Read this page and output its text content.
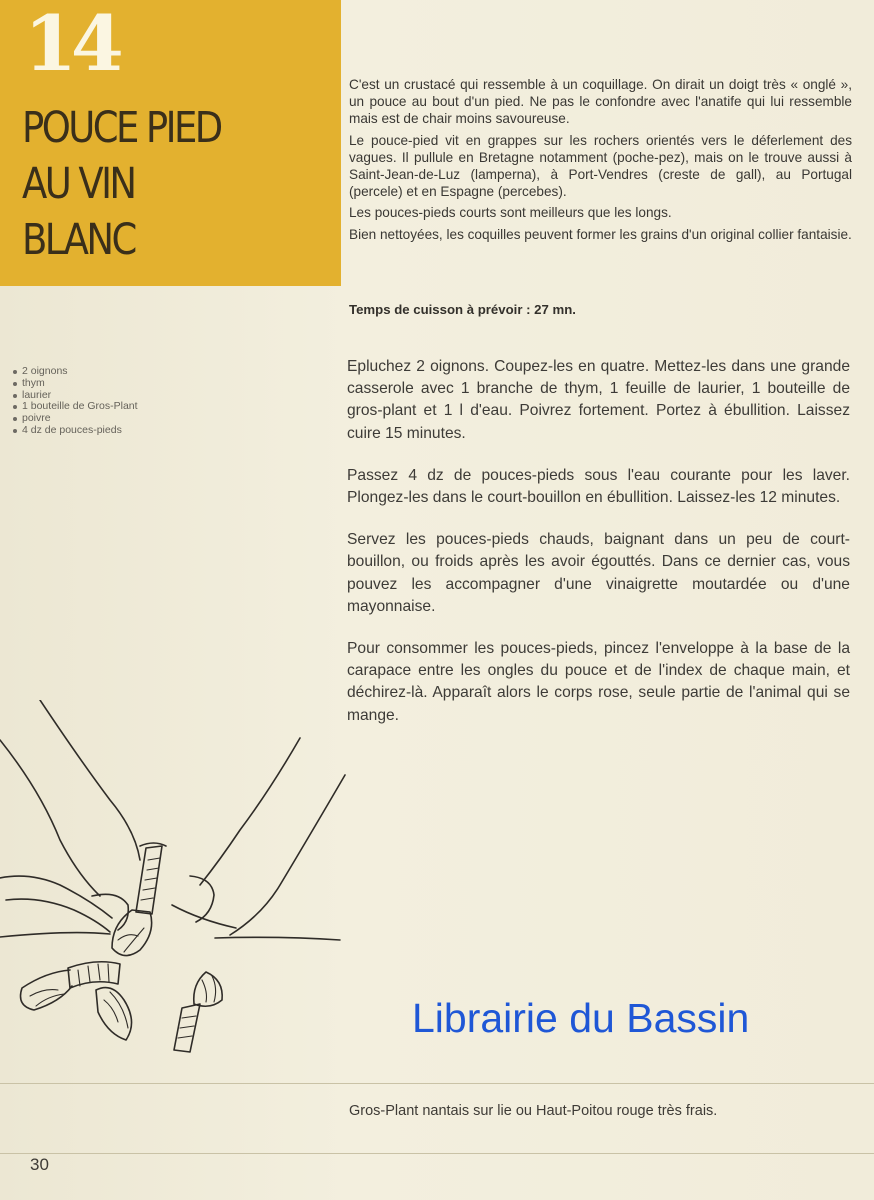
14
POUCE PIED
AU VIN
BLANC

C'est un crustacé qui ressemble à un coquillage. On dirait un doigt très « onglé », un pouce au bout d'un pied. Ne pas le confondre avec l'anatife qui lui ressemble mais est de chair moins savoureuse.

Le pouce-pied vit en grappes sur les rochers orientés vers le déferlement des vagues. Il pullule en Bretagne notamment (poche-pez), mais on le trouve aussi à Saint-Jean-de-Luz (lamperna), à Port-Vendres (creste de gall), au Portugal (percele) et en Espagne (percebes).

Les pouces-pieds courts sont meilleurs que les longs.

Bien nettoyées, les coquilles peuvent former les grains d'un original collier fantaisie.

Temps de cuisson à prévoir : 27 mn.
2 oignons
thym
laurier
1 bouteille de Gros-Plant
poivre
4 dz de pouces-pieds

Epluchez 2 oignons. Coupez-les en quatre. Mettez-les dans une grande casserole avec 1 branche de thym, 1 feuille de laurier, 1 bouteille de gros-plant et 1 l d'eau. Poivrez fortement. Portez à ébullition. Laissez cuire 15 minutes.

Passez 4 dz de pouces-pieds sous l'eau courante pour les laver. Plongez-les dans le court-bouillon en ébullition. Laissez-les 12 minutes.

Servez les pouces-pieds chauds, baignant dans un peu de court-bouillon, ou froids après les avoir égouttés. Dans ce dernier cas, vous pouvez les accompagner d'une vinaigrette moutardée ou d'une mayonnaise.

Pour consommer les pouces-pieds, pincez l'enveloppe à la base de la carapace entre les ongles du pouce et de l'index de chaque main, et déchirez-là. Apparaît alors le corps rose, seule partie de l'animal qui se mange.

Librairie du Bassin
Gros-Plant nantais sur lie ou Haut-Poitou rouge très frais.
30
